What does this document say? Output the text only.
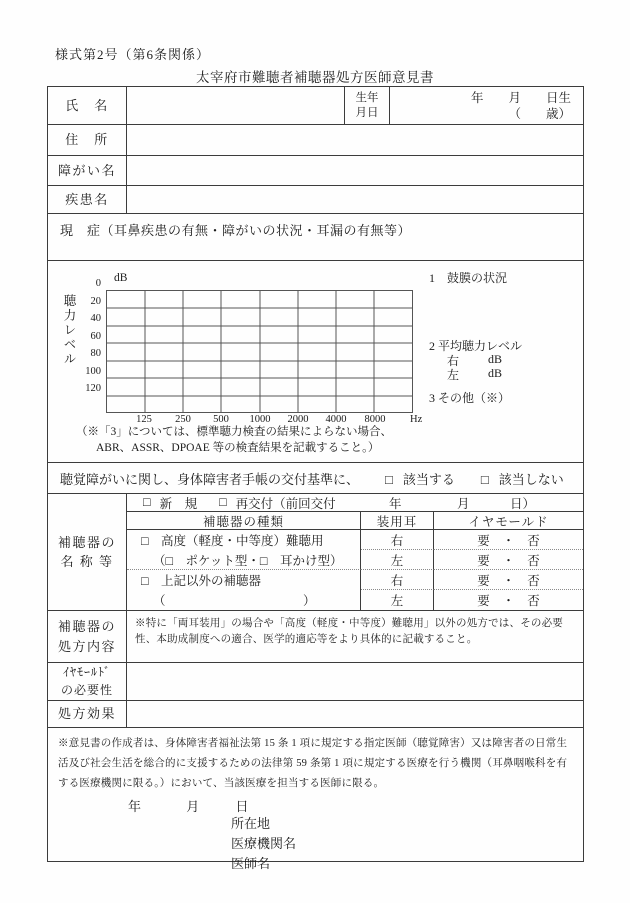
様式第2号（第6条関係）
太宰府市難聴者補聴器処方医師意見書
氏　名
生年
月日
年　　月　　日生
（　　歳）
住　所
障がい名
疾患名
現　症（耳鼻疾患の有無・障がいの状況・耳漏の有無等）
dB
聴力レベル
0
20
40
60
80
100
120
125	250	500	1000	2000	4000	8000	Hz
1　鼓膜の状況
2 平均聴力レベル
右 dB
左 dB
3 その他（※）
（※「3」については、標準聴力検査の結果によらない場合、
ABR、ASSR、DPOAE 等の検査結果を記載すること。）
聴覚障がいに関し、身体障害者手帳の交付基準に、 □ 該当する □ 該当しない
補聴器の
名 称 等
□ 新　規 □ 再交付（前回交付	年	月	日）
補聴器の種類	装用耳	イヤモールド
□　高度（軽度・中等度）難聴用	右	要　・　否
（□　ポケット型・□　耳かけ型）	左	要　・　否
□　上記以外の補聴器	右	要　・　否
（　　　　　　　　　　　）	左	要　・　否
補聴器の
処方内容
※特に「両耳装用」の場合や「高度（軽度・中等度）難聴用」以外の処方では、その必要性、本助成制度への適合、医学的適応等をより具体的に記載すること。
ｲﾔﾓｰﾙﾄﾞ
の必要性
処方効果
※意見書の作成者は、身体障害者福祉法第 15 条 1 項に規定する指定医師（聴覚障害）又は障害者の日常生活及び社会生活を総合的に支援するための法律第 59 条第 1 項に規定する医療を行う機関（耳鼻咽喉科を有する医療機関に限る。）において、当該医療を担当する医師に限る。
年	月	日
所在地
医療機関名
医師名
